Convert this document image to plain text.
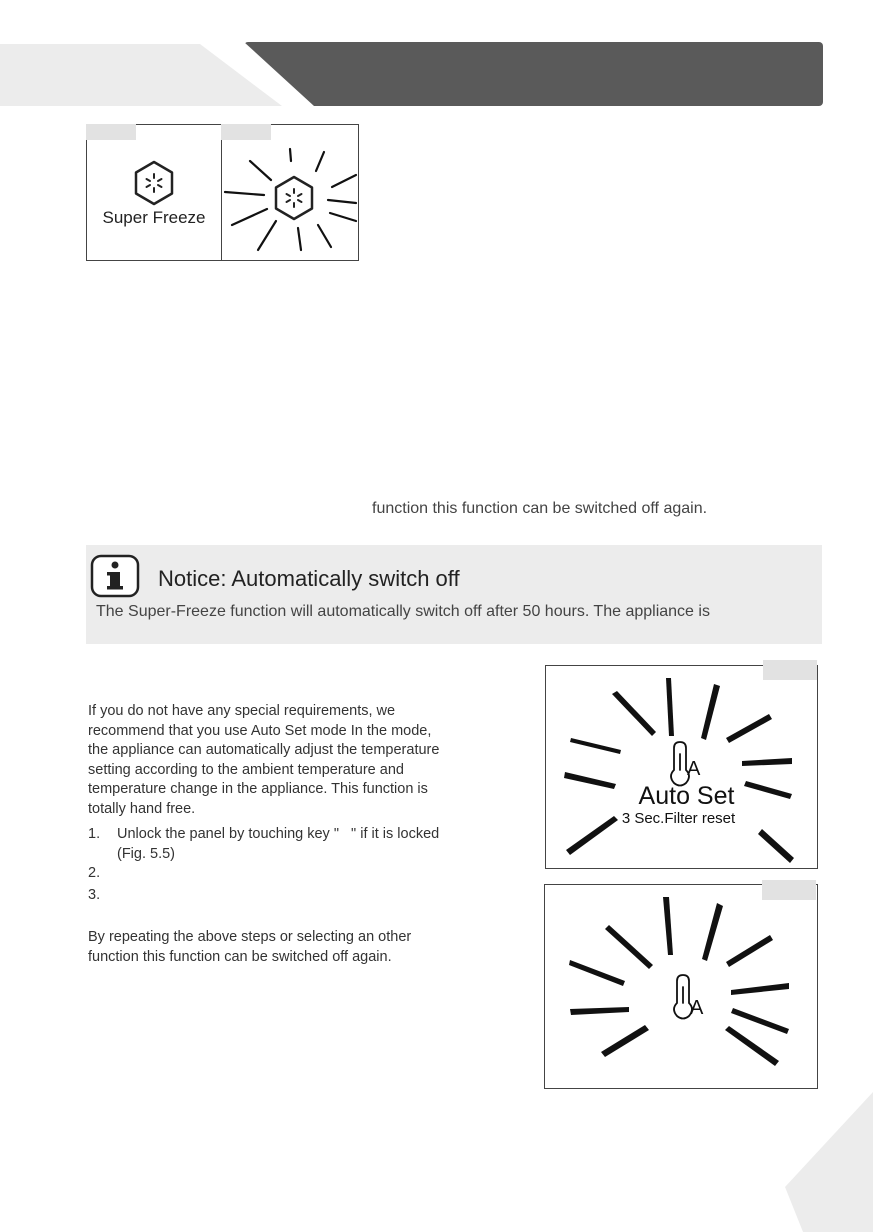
Super Freeze
function this function can be switched off again.
Notice: Automatically switch off
The Super-Freeze function will automatically switch off after 50 hours. The appliance is
If you do not have any special requirements, we
recommend that you use Auto Set mode In the mode,
the appliance can automatically adjust the temperature
setting according to the ambient temperature and
temperature change in the appliance. This function is
totally hand free.
1. Unlock the panel by touching key "   " if it is locked
(Fig. 5.5)
2.
3.
By repeating the above steps or selecting an other
function this function can be switched off again.
A
Auto Set
3 Sec.Filter reset
A
